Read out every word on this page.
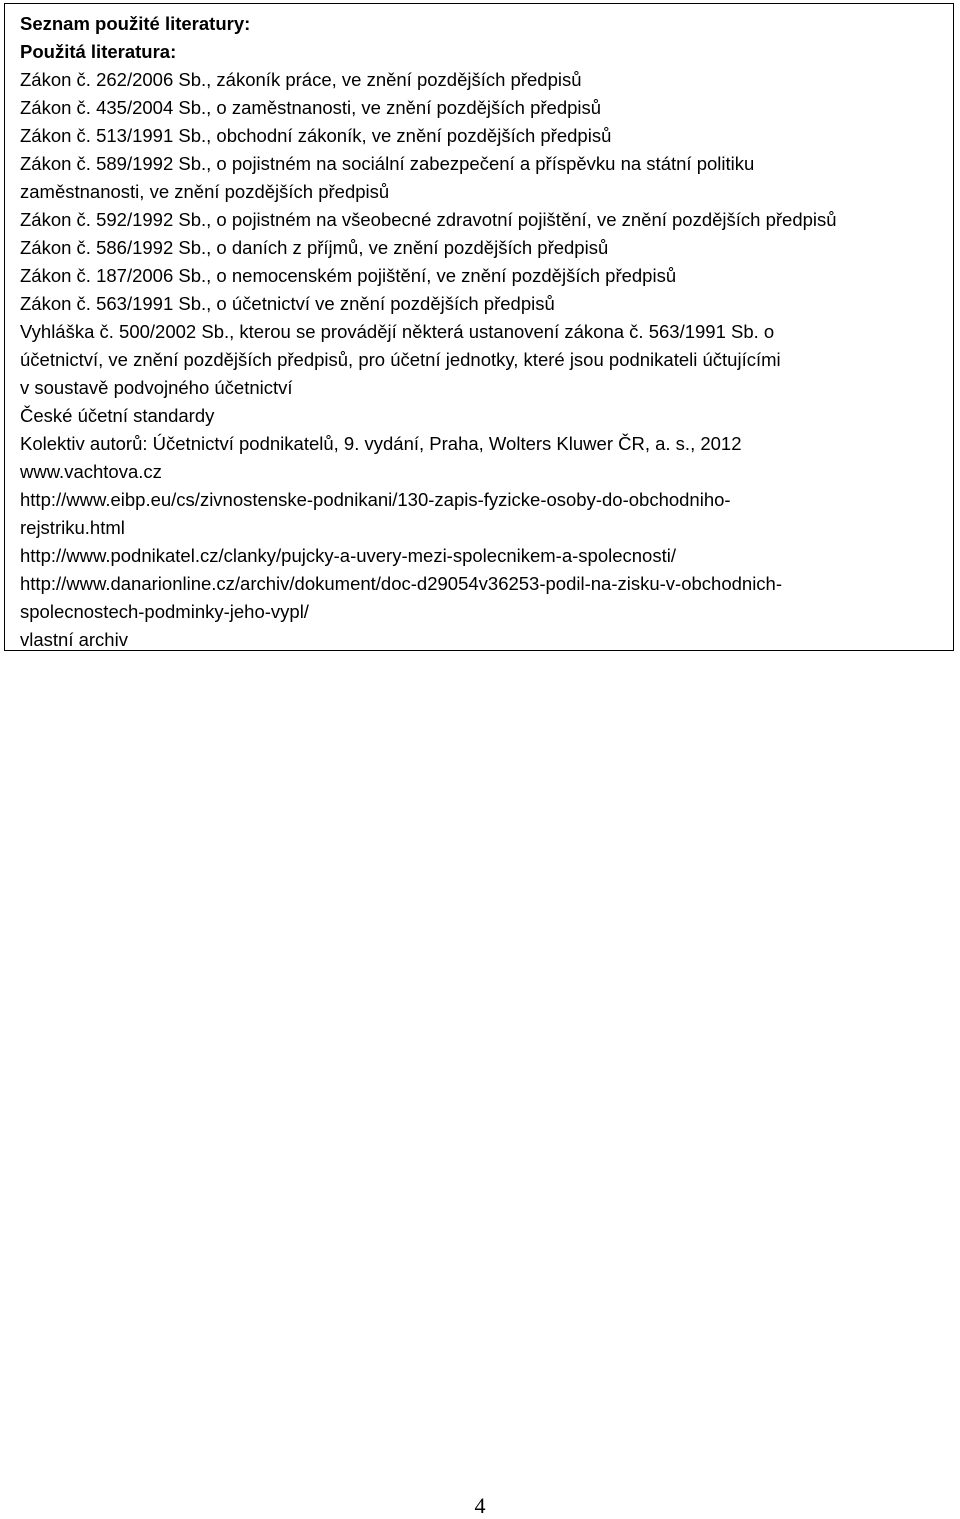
Seznam použité literatury:
Použitá literatura:
Zákon č. 262/2006 Sb., zákoník práce, ve znění pozdějších předpisů
Zákon č. 435/2004 Sb., o zaměstnanosti, ve znění pozdějších předpisů
Zákon č. 513/1991 Sb., obchodní zákoník, ve znění pozdějších předpisů
Zákon č. 589/1992 Sb., o pojistném na sociální zabezpečení a příspěvku na státní politiku
zaměstnanosti, ve znění pozdějších předpisů
Zákon č. 592/1992 Sb., o pojistném na všeobecné zdravotní pojištění, ve znění pozdějších předpisů
Zákon č. 586/1992 Sb., o daních z příjmů, ve znění pozdějších předpisů
Zákon č. 187/2006 Sb., o nemocenském pojištění, ve znění pozdějších předpisů
Zákon č. 563/1991 Sb., o účetnictví ve znění pozdějších předpisů
Vyhláška č. 500/2002 Sb., kterou se provádějí některá ustanovení zákona č. 563/1991 Sb. o
účetnictví, ve znění pozdějších předpisů, pro účetní jednotky, které jsou podnikateli účtujícími
v soustavě podvojného účetnictví
České účetní standardy
Kolektiv autorů: Účetnictví podnikatelů, 9. vydání, Praha, Wolters Kluwer ČR, a. s., 2012
www.vachtova.cz
http://www.eibp.eu/cs/zivnostenske-podnikani/130-zapis-fyzicke-osoby-do-obchodniho-
rejstriku.html
http://www.podnikatel.cz/clanky/pujcky-a-uvery-mezi-spolecnikem-a-spolecnosti/
http://www.danarionline.cz/archiv/dokument/doc-d29054v36253-podil-na-zisku-v-obchodnich-
spolecnostech-podminky-jeho-vypl/
vlastní archiv
4
